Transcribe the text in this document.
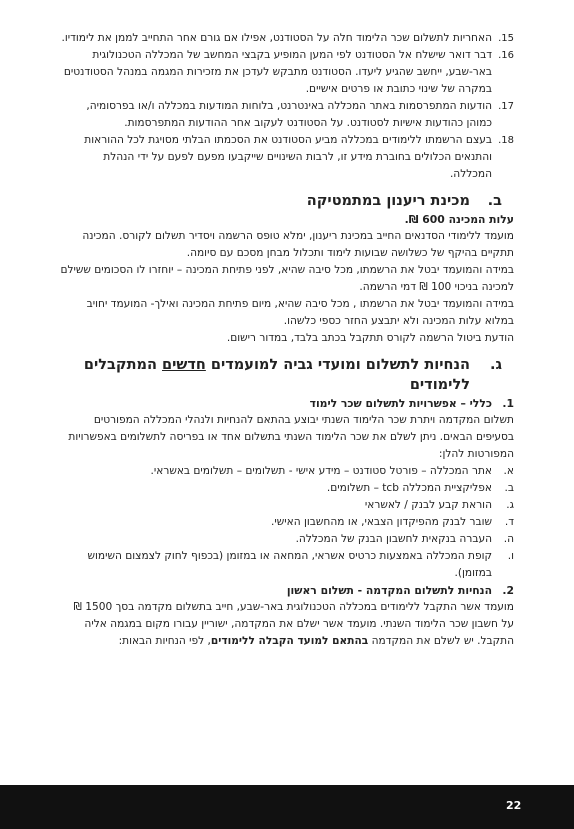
15.
האחריות לתשלום שכר הלימוד חלה על הסטודנט, אפילו אם גורם אחר התחייב לממן את לימודיו.
16.
דבר דואר שישלח אל הסטודנט לפי המען המופיע בקבצי המחשב של המכללה הטכנולוגית באר-שבע, ייחשב שהגיע ליעדו. הסטודנט מתבקש לעדכן את מזכירות המגמה במנהל הסטודנטים במקרה של שינוי כתובת או פרטים אישיים.
17.
הודעות המתפרסמות באתר המכללה באינטרנט, בלוחות המודעות במכללה ו/או בפרסומיה, כמוהן כהודעות אישיות לסטודנט. על הסטודנט לעקוב אחר ההודעות המתפרסמות.
18.
בעצם הרשמתו ללימודים במכללה מביע הסטודנט את הסכמתו הבלתי מסויגת לכל ההוראות והתנאים הכלולים בחוברת מידע זו, לרבות השינויים שייקבעו מפעם לפעם על ידי הנהלת המכללה.
ב.
מכינת ריענון במתמטיקה
עלות המכינה 600 ₪.
מועמד ללימודי הסדנאים החייב במכינת ריענון, ימלא טופס הרשמה ויסדיר תשלום לקורס. המכינה תתקיים בהיקף של כשלושה שבועות לימוד ותכלול מבחן מסכם עם סיומה.
במידה והמועמד יבטל את הרשמתו, מכל סיבה שהיא, לפני פתיחת המכינה – יוחזרו לו הסכומים ששילם למכינה בניכוי 100 ₪ דמי הרשמה.
במידה והמועמד יבטל את הרשמתו , מכל סיבה שהיא, מיום פתיחת המכינה ואילך- המועמד יחויב במלוא עלות המכינה ולא יתבצע החזר כספי כלשהו.
הודעת ביטול הרשמה לקורס תתקבל בכתב בלבד, במדור רישום.
ג.
הנחיות לתשלום ומועדי גביה למועמדים חדשים המתקבלים ללימודים
1.
כללי – אפשרויות לתשלום שכר לימוד
תשלום המקדמה ויתרת שכר הלימוד השנתי יבוצע בהתאם להנחיות ולנהלי המכללה המפורטים בסעיפים הבאים. ניתן לשלם את שכר הלימוד השנתי בתשלום אחד או בפריסה לתשלומים באפשרויות המפורטות להלן:
א.
אתר המכללה – פורטל סטודנט – מידע אישי - תשלומים – תשלומים באשראי.
ב.
אפליקציית המכללה tcb – תשלומים.
ג.
הוראת קבע לבנק / לאשראי
ד.
שובר לבנק מהפיקדון הצבאי, או מהחשבון האישי.
ה.
העברה בנקאית לחשבון הבנק של המכללה.
ו.
קופת המכללה באמצעות כרטיס אשראי, המחאה או במזומן (בכפוף לחוק לצמצום השימוש במזומן).
2.
הנחיות לתשלום המקדמה - תשלום ראשון
מועמד אשר התקבל ללימודים במכללה הטכנולוגית באר-שבע, חייב בתשלום מקדמה בסך 1500 ₪ על חשבון שכר הלימוד השנתי. מועמד אשר ישלם את המקדמה, ישוריין עבורו מקום במגמה אליה התקבל. יש לשלם את המקדמה בהתאם למועד הקבלה ללימודים, לפי הנחיות הבאות:
22
